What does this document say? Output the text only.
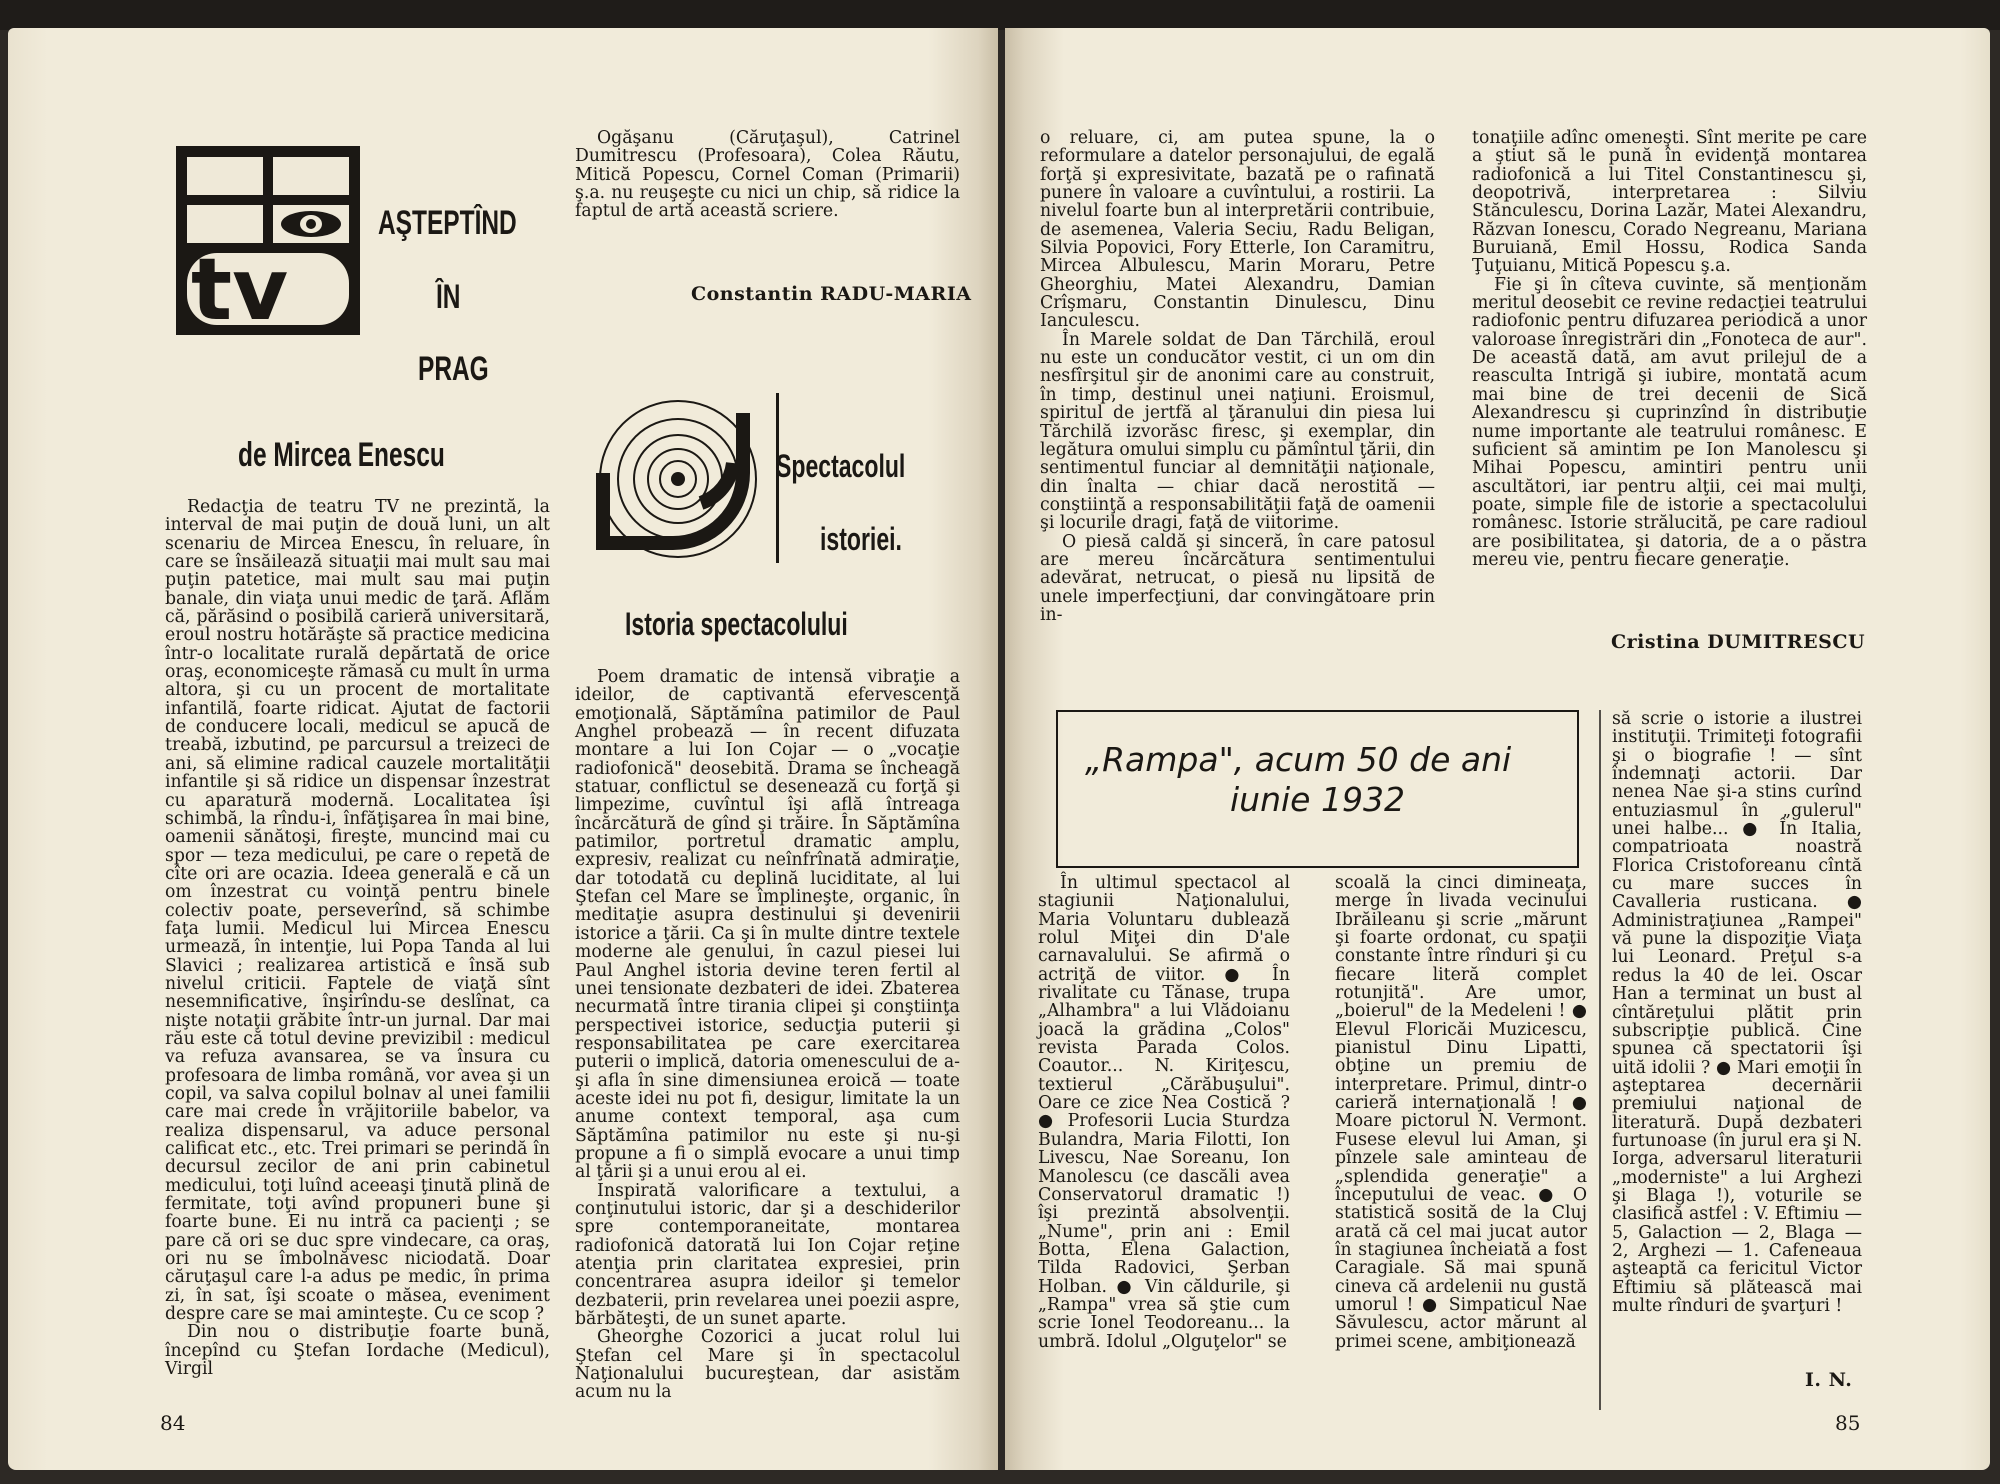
tv
AŞTEPTÎND
ÎN
PRAG
de Mircea Enescu

Redacţia de teatru TV ne prezintă, la interval de mai puţin de două luni, un alt scenariu de Mircea Enescu, în reluare, în care se însăilează situaţii mai mult sau mai puţin patetice, mai mult sau mai puţin banale, din viaţa unui medic de ţară. Aflăm că, părăsind o posibilă carieră universitară, eroul nostru hotărăşte să practice medicina într-o localitate rurală depărtată de orice oraş, economiceşte rămasă cu mult în urma altora, şi cu un procent de mortalitate infantilă, foarte ridicat. Ajutat de factorii de conducere locali, medicul se apucă de treabă, izbutind, pe parcursul a treizeci de ani, să elimine radical cauzele mortalităţii infantile şi să ridice un dispensar înzestrat cu aparatură modernă. Localitatea îşi schimbă, la rîndu-i, înfăţişarea în mai bine, oamenii sănătoşi, fireşte, muncind mai cu spor — teza medicului, pe care o repetă de cîte ori are ocazia. Ideea generală e că un om înzestrat cu voinţă pentru binele colectiv poate, perseverînd, să schimbe faţa lumii. Medicul lui Mircea Enescu urmează, în intenţie, lui Popa Tanda al lui Slavici ; realizarea artistică e însă sub nivelul criticii. Faptele de viaţă sînt nesemnificative, înşirîndu-se deslînat, ca nişte notaţii grăbite într-un jurnal. Dar mai rău este că totul devine previzibil : medicul va refuza avansarea, se va însura cu profesoara de limba română, vor avea şi un copil, va salva copilul bolnav al unei familii care mai crede în vrăjitoriile babelor, va realiza dispensarul, va aduce personal calificat etc., etc. Trei primari se perindă în decursul zecilor de ani prin cabinetul medicului, toţi luînd aceeaşi ţinută plină de fermitate, toţi avînd propuneri bune şi foarte bune. Ei nu intră ca pacienţi ; se pare că ori se duc spre vindecare, ca oraş, ori nu se îmbolnăvesc niciodată. Doar căruţaşul care l-a adus pe medic, în prima zi, în sat, îşi scoate o măsea, eveniment despre care se mai aminteşte. Cu ce scop ?

Din nou o distribuţie foarte bună, începînd cu Ştefan Iordache (Medicul), Virgil

Ogăşanu (Căruţaşul), Catrinel Dumitrescu (Profesoara), Colea Răutu, Mitică Popescu, Cornel Coman (Primarii) ş.a. nu reuşeşte cu nici un chip, să ridice la faptul de artă această scriere.

Constantin RADU-MARIA
Spectacolul
istoriei.
Istoria spectacolului

Poem dramatic de intensă vibraţie a ideilor, de captivantă efervescenţă emoţională, Săptămîna patimilor de Paul Anghel probează — în recent difuzata montare a lui Ion Cojar — o „vocaţie radiofonică" deosebită. Drama se încheagă statuar, conflictul se desenează cu forţă şi limpezime, cuvîntul îşi află întreaga încărcătură de gînd şi trăire. În Săptămîna patimilor, portretul dramatic amplu, expresiv, realizat cu neînfrînată admiraţie, dar totodată cu deplină luciditate, al lui Ştefan cel Mare se împlineşte, organic, în meditaţie asupra destinului şi devenirii istorice a ţării. Ca şi în multe dintre textele moderne ale genului, în cazul piesei lui Paul Anghel istoria devine teren fertil al unei tensionate dezbateri de idei. Zbaterea necurmată între tirania clipei şi conştiinţa perspectivei istorice, seducţia puterii şi responsabilitatea pe care exercitarea puterii o implică, datoria omenescului de a-şi afla în sine dimensiunea eroică — toate aceste idei nu pot fi, desigur, limitate la un anume context temporal, aşa cum Săptămîna patimilor nu este şi nu-şi propune a fi o simplă evocare a unui timp al ţării şi a unui erou al ei.

Inspirată valorificare a textului, a conţinutului istoric, dar şi a deschiderilor spre contemporaneitate, montarea radiofonică datorată lui Ion Cojar reţine atenţia prin claritatea expresiei, prin concentrarea asupra ideilor şi temelor dezbaterii, prin revelarea unei poezii aspre, bărbăteşti, de un sunet aparte.

Gheorghe Cozorici a jucat rolul lui Ştefan cel Mare şi în spectacolul Naţionalului bucureştean, dar asistăm acum nu la

84

o reluare, ci, am putea spune, la o reformulare a datelor personajului, de egală forţă şi expresivitate, bazată pe o rafinată punere în valoare a cuvîntului, a rostirii. La nivelul foarte bun al interpretării contribuie, de asemenea, Valeria Seciu, Radu Beligan, Silvia Popovici, Fory Etterle, Ion Caramitru, Mircea Albulescu, Marin Moraru, Petre Gheorghiu, Matei Alexandru, Damian Crîşmaru, Constantin Dinulescu, Dinu Ianculescu.

În Marele soldat de Dan Tărchilă, eroul nu este un conducător vestit, ci un om din nesfîrşitul şir de anonimi care au construit, în timp, destinul unei naţiuni. Eroismul, spiritul de jertfă al ţăranului din piesa lui Tărchilă izvorăsc firesc, şi exemplar, din legătura omului simplu cu pămîntul ţării, din sentimentul funciar al demnităţii naţionale, din înalta — chiar dacă nerostită — conştiinţă a responsabilităţii faţă de oamenii şi locurile dragi, faţă de viitorime.

O piesă caldă şi sinceră, în care patosul are mereu încărcătura sentimentului adevărat, netrucat, o piesă nu lipsită de unele imperfecţiuni, dar convingătoare prin in-

tonaţiile adînc omeneşti. Sînt merite pe care a ştiut să le pună în evidenţă montarea radiofonică a lui Titel Constantinescu şi, deopotrivă, interpretarea : Silviu Stănculescu, Dorina Lazăr, Matei Alexandru, Răzvan Ionescu, Corado Negreanu, Mariana Buruiană, Emil Hossu, Rodica Sanda Ţuţuianu, Mitică Popescu ş.a.

Fie şi în cîteva cuvinte, să menţionăm meritul deosebit ce revine redacţiei teatrului radiofonic pentru difuzarea periodică a unor valoroase înregistrări din „Fonoteca de aur". De această dată, am avut prilejul de a reasculta Intrigă şi iubire, montată acum mai bine de trei decenii de Sică Alexandrescu şi cuprinzînd în distribuţie nume importante ale teatrului românesc. E suficient să amintim pe Ion Manolescu şi Mihai Popescu, amintiri pentru unii ascultători, iar pentru alţii, cei mai mulţi, poate, simple file de istorie a spectacolului românesc. Istorie strălucită, pe care radioul are posibilitatea, şi datoria, de a o păstra mereu vie, pentru fiecare generaţie.

Cristina DUMITRESCU
„Rampa", acum 50 de ani
iunie 1932

În ultimul spectacol al stagiunii Naţionalului, Maria Voluntaru dublează rolul Miţei din D'ale carnavalului. Se afirmă o actriţă de viitor. ● În rivalitate cu Tănase, trupa „Alhambra" a lui Vlădoianu joacă la grădina „Colos" revista Parada Colos. Coautor... N. Kiriţescu, textierul „Cărăbuşului". Oare ce zice Nea Costică ? ● Profesorii Lucia Sturdza Bulandra, Maria Filotti, Ion Livescu, Nae Soreanu, Ion Manolescu (ce dascăli avea Conservatorul dramatic !) îşi prezintă absolvenţii. „Nume", prin ani : Emil Botta, Elena Galaction, Tilda Radovici, Şerban Holban. ● Vin căldurile, şi „Rampa" vrea să ştie cum scrie Ionel Teodoreanu... la umbră. Idolul „Olguţelor" se

scoală la cinci dimineaţa, merge în livada vecinului Ibrăileanu şi scrie „mărunt şi foarte ordonat, cu spaţii constante între rînduri şi cu fiecare literă complet rotunjită". Are umor, „boierul" de la Medeleni ! ● Elevul Floricăi Muzicescu, pianistul Dinu Lipatti, obţine un premiu de interpretare. Primul, dintr-o carieră internaţională ! ● Moare pictorul N. Vermont. Fusese elevul lui Aman, şi pînzele sale aminteau de „splendida generaţie" a începutului de veac. ● O statistică sosită de la Cluj arată că cel mai jucat autor în stagiunea încheiată a fost Caragiale. Să mai spună cineva că ardelenii nu gustă umorul ! ● Simpaticul Nae Săvulescu, actor mărunt al primei scene, ambiţionează

să scrie o istorie a ilustrei instituţii. Trimiteţi fotografii şi o biografie ! — sînt îndemnaţi actorii. Dar nenea Nae şi-a stins curînd entuziasmul în „gulerul" unei halbe... ● În Italia, compatrioata noastră Florica Cristoforeanu cîntă cu mare succes în Cavalleria rusticana. ● Administraţiunea „Rampei" vă pune la dispoziţie Viaţa lui Leonard. Preţul s-a redus la 40 de lei. Oscar Han a terminat un bust al cîntăreţului plătit prin subscripţie publică. Cine spunea că spectatorii îşi uită idolii ? ● Mari emoţii în aşteptarea decernării premiului naţional de literatură. După dezbateri furtunoase (în jurul era şi N. Iorga, adversarul literaturii „moderniste" a lui Arghezi şi Blaga !), voturile se clasifică astfel : V. Eftimiu — 5, Galaction — 2, Blaga — 2, Arghezi — 1. Cafeneaua aşteaptă ca fericitul Victor Eftimiu să plătească mai multe rînduri de şvarţuri !

I. N.
85
